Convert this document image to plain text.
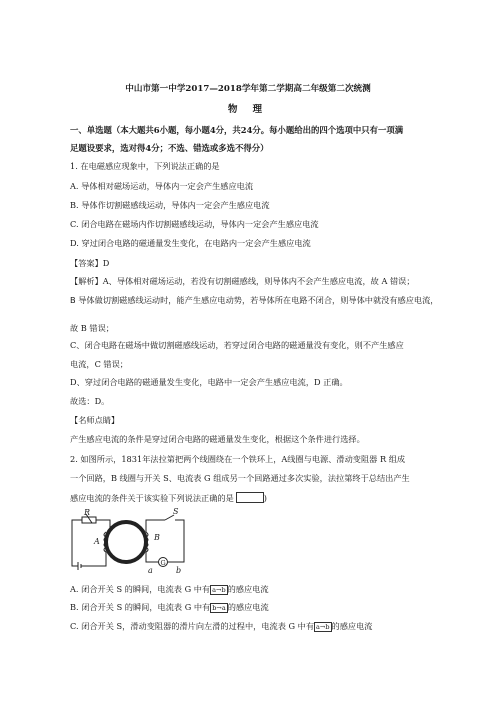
中山市第一中学2017—2018学年第二学期高二年级第二次统测
物 理
一、单选题（本大题共6小题，每小题4分，共24分。每小题给出的四个选项中只有一项满
足题设要求，选对得4分；不选、错选或多选不得分）
1. 在电磁感应现象中，下列说法正确的是
A. 导体相对磁场运动，导体内一定会产生感应电流
B. 导体作切割磁感线运动，导体内一定会产生感应电流
C. 闭合电路在磁场内作切割磁感线运动，导体内一定会产生感应电流
D. 穿过闭合电路的磁通量发生变化，在电路内一定会产生感应电流
【答案】D
【解析】A、导体相对磁场运动，若没有切割磁感线，则导体内不会产生感应电流，故 A 错误；
B 导体做切割磁感线运动时，能产生感应电动势，若导体所在电路不闭合，则导体中就没有感应电流，
故 B 错误；
C、闭合电路在磁场中做切割磁感线运动，若穿过闭合电路的磁通量没有变化，则不产生感应
电流，C 错误；
D、穿过闭合电路的磁通量发生变化，电路中一定会产生感应电流，D 正确。
故选：D。
【名师点睛】
产生感应电流的条件是穿过闭合电路的磁通量发生变化，根据这个条件进行选择。
2. 如图所示，1831年法拉第把两个线圈绕在一个铁环上，A线圈与电源、滑动变阻器 R 组成
一个回路，B 线圈与开关 S、电流表 G 组成另一个回路通过多次实验，法拉第终于总结出产生
感应电流的条件关于该实验下列说法正确的是	)
R
A	B
S
G
a	b
A. 闭合开关 S 的瞬间，电流表 G 中有 a→b 的感应电流
B. 闭合开关 S 的瞬间，电流表 G 中有 b→a 的感应电流
C. 闭合开关 S，滑动变阻器的滑片向左滑的过程中，电流表 G 中有 a→b 的感应电流
